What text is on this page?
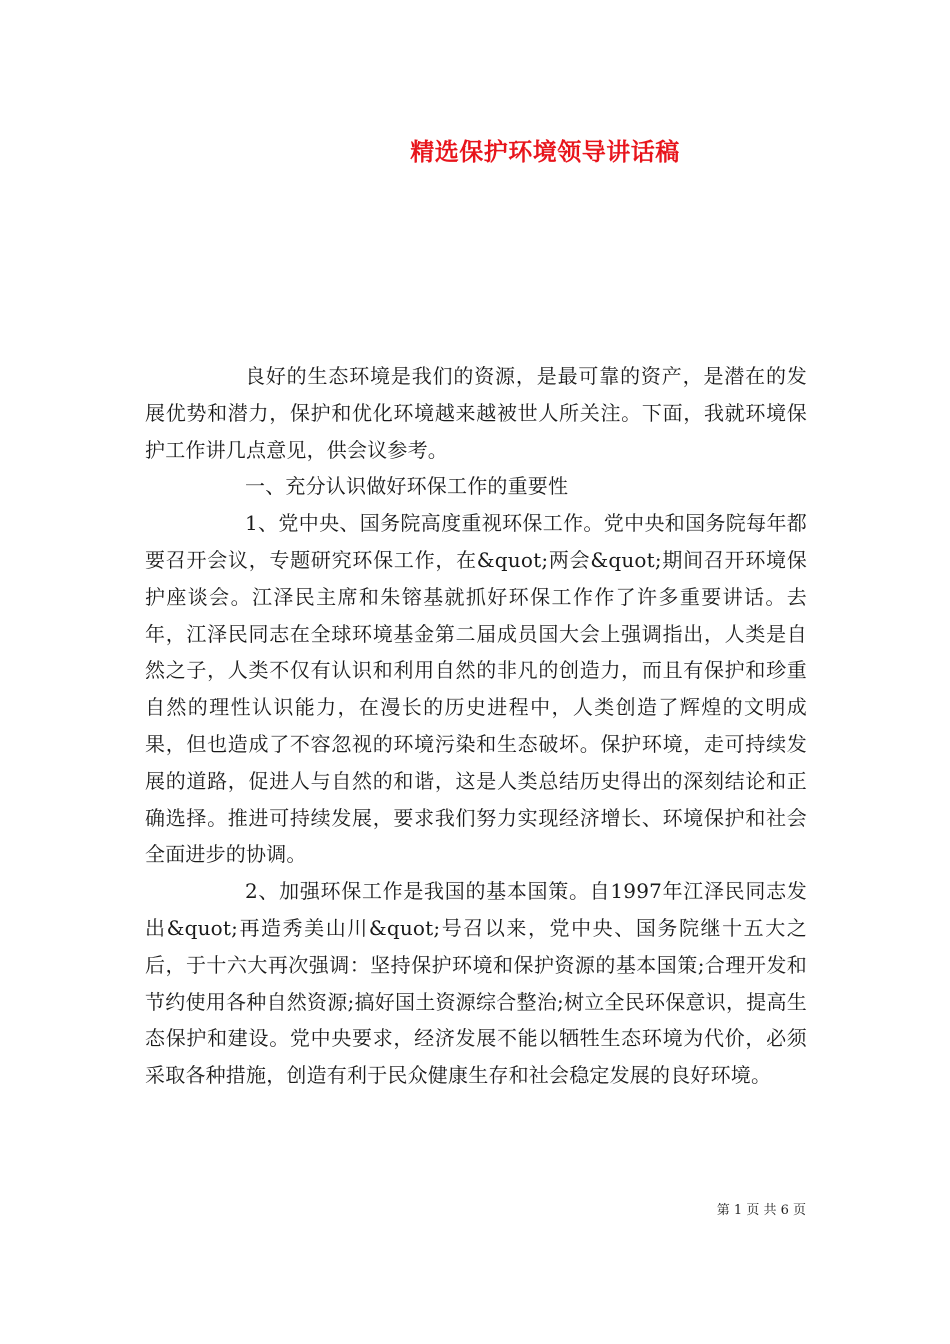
精选保护环境领导讲话稿

良好的生态环境是我们的资源，是最可靠的资产，是潜在的发展优势和潜力，保护和优化环境越来越被世人所关注。下面，我就环境保护工作讲几点意见，供会议参考。

一、充分认识做好环保工作的重要性

1、党中央、国务院高度重视环保工作。党中央和国务院每年都要召开会议，专题研究环保工作，在&quot;两会&quot;期间召开环境保护座谈会。江泽民主席和朱镕基就抓好环保工作作了许多重要讲话。去年，江泽民同志在全球环境基金第二届成员国大会上强调指出，人类是自然之子，人类不仅有认识和利用自然的非凡的创造力，而且有保护和珍重自然的理性认识能力，在漫长的历史进程中，人类创造了辉煌的文明成果，但也造成了不容忽视的环境污染和生态破坏。保护环境，走可持续发展的道路，促进人与自然的和谐，这是人类总结历史得出的深刻结论和正确选择。推进可持续发展，要求我们努力实现经济增长、环境保护和社会全面进步的协调。

2、加强环保工作是我国的基本国策。自1997年江泽民同志发出&quot;再造秀美山川&quot;号召以来，党中央、国务院继十五大之后，于十六大再次强调：坚持保护环境和保护资源的基本国策;合理开发和节约使用各种自然资源;搞好国土资源综合整治;树立全民环保意识，提高生态保护和建设。党中央要求，经济发展不能以牺牲生态环境为代价，必须采取各种措施，创造有利于民众健康生存和社会稳定发展的良好环境。

第 1 页 共 6 页
